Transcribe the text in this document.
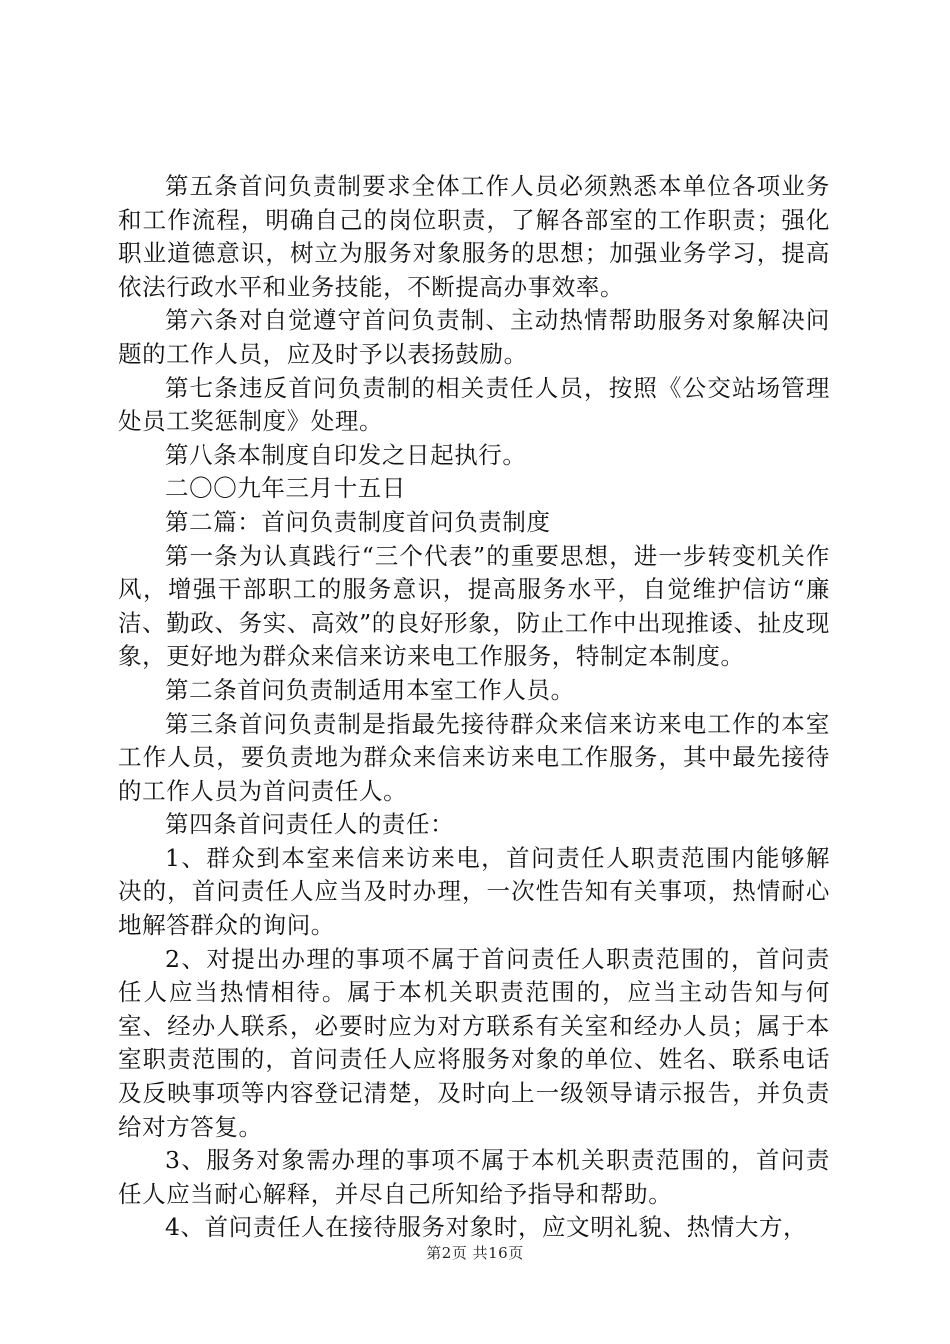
第五条首问负责制要求全体工作人员必须熟悉本单位各项业务和工作流程，明确自己的岗位职责，了解各部室的工作职责；强化职业道德意识，树立为服务对象服务的思想；加强业务学习，提高依法行政水平和业务技能，不断提高办事效率。

第六条对自觉遵守首问负责制、主动热情帮助服务对象解决问题的工作人员，应及时予以表扬鼓励。

第七条违反首问负责制的相关责任人员，按照《公交站场管理处员工奖惩制度》处理。

第八条本制度自印发之日起执行。

二〇〇九年三月十五日

第二篇：首问负责制度首问负责制度

第一条为认真践行“三个代表”的重要思想，进一步转变机关作风，增强干部职工的服务意识，提高服务水平，自觉维护信访“廉洁、勤政、务实、高效”的良好形象，防止工作中出现推诿、扯皮现象，更好地为群众来信来访来电工作服务，特制定本制度。

第二条首问负责制适用本室工作人员。

第三条首问负责制是指最先接待群众来信来访来电工作的本室工作人员，要负责地为群众来信来访来电工作服务，其中最先接待的工作人员为首问责任人。

第四条首问责任人的责任：

1、群众到本室来信来访来电，首问责任人职责范围内能够解决的，首问责任人应当及时办理，一次性告知有关事项，热情耐心地解答群众的询问。

2、对提出办理的事项不属于首问责任人职责范围的，首问责任人应当热情相待。属于本机关职责范围的，应当主动告知与何室、经办人联系，必要时应为对方联系有关室和经办人员；属于本室职责范围的，首问责任人应将服务对象的单位、姓名、联系电话及反映事项等内容登记清楚，及时向上一级领导请示报告，并负责给对方答复。

3、服务对象需办理的事项不属于本机关职责范围的，首问责任人应当耐心解释，并尽自己所知给予指导和帮助。

4、首问责任人在接待服务对象时，应文明礼貌、热情大方，

第2页 共16页
